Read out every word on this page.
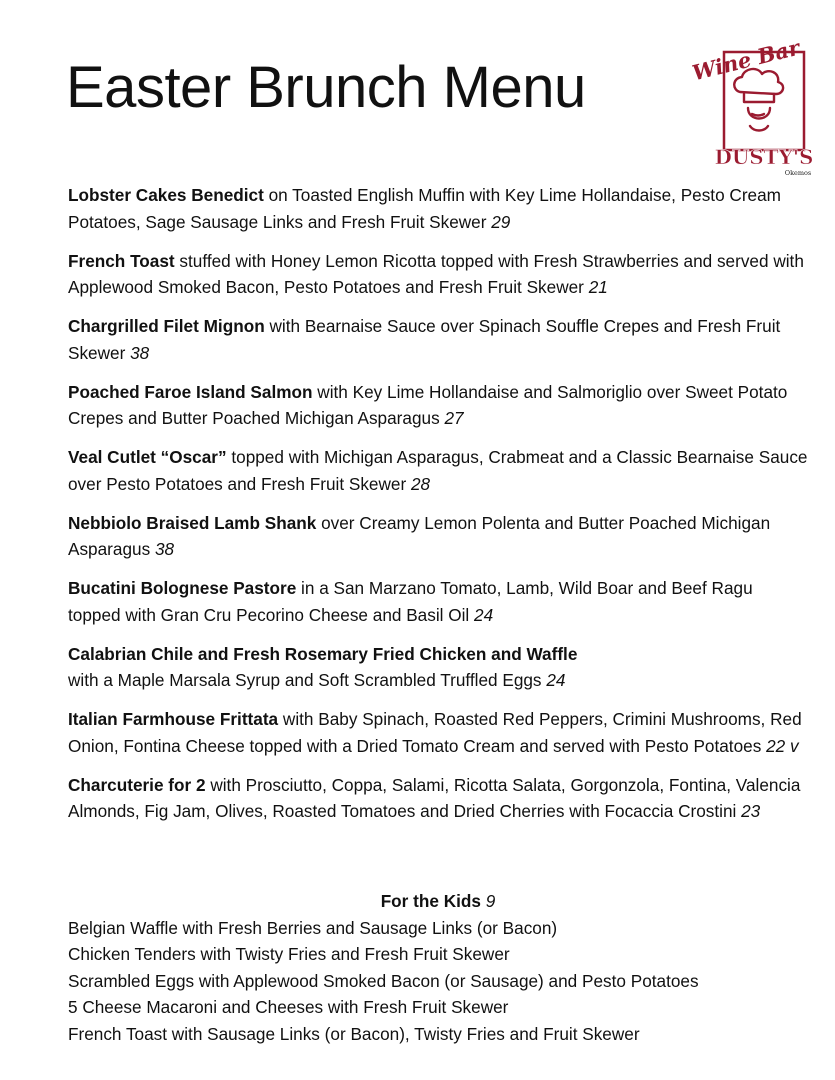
Easter Brunch Menu	Wine Bar
DUSTY'S
Okemos
Lobster Cakes Benedict on Toasted English Muffin with Key Lime Hollandaise, Pesto Cream Potatoes, Sage Sausage Links and Fresh Fruit Skewer 29
French Toast stuffed with Honey Lemon Ricotta topped with Fresh Strawberries and served with Applewood Smoked Bacon, Pesto Potatoes and Fresh Fruit Skewer 21
Chargrilled Filet Mignon with Bearnaise Sauce over Spinach Souffle Crepes and Fresh Fruit Skewer 38
Poached Faroe Island Salmon with Key Lime Hollandaise and Salmoriglio over Sweet Potato Crepes and Butter Poached Michigan Asparagus 27
Veal Cutlet “Oscar” topped with Michigan Asparagus, Crabmeat and a Classic Bearnaise Sauce over Pesto Potatoes and Fresh Fruit Skewer 28
Nebbiolo Braised Lamb Shank over Creamy Lemon Polenta and Butter Poached Michigan Asparagus 38
Bucatini Bolognese Pastore in a San Marzano Tomato, Lamb, Wild Boar and Beef Ragu topped with Gran Cru Pecorino Cheese and Basil Oil 24
Calabrian Chile and Fresh Rosemary Fried Chicken and Waffle
with a Maple Marsala Syrup and Soft Scrambled Truffled Eggs 24
Italian Farmhouse Frittata with Baby Spinach, Roasted Red Peppers, Crimini Mushrooms, Red Onion, Fontina Cheese topped with a Dried Tomato Cream and served with Pesto Potatoes 22 v
Charcuterie for 2 with Prosciutto, Coppa, Salami, Ricotta Salata, Gorgonzola, Fontina, Valencia Almonds, Fig Jam, Olives, Roasted Tomatoes and Dried Cherries with Focaccia Crostini 23
For the Kids 9
Belgian Waffle with Fresh Berries and Sausage Links (or Bacon)
Chicken Tenders with Twisty Fries and Fresh Fruit Skewer
Scrambled Eggs with Applewood Smoked Bacon (or Sausage) and Pesto Potatoes
5 Cheese Macaroni and Cheeses with Fresh Fruit Skewer
French Toast with Sausage Links (or Bacon), Twisty Fries and Fruit Skewer
